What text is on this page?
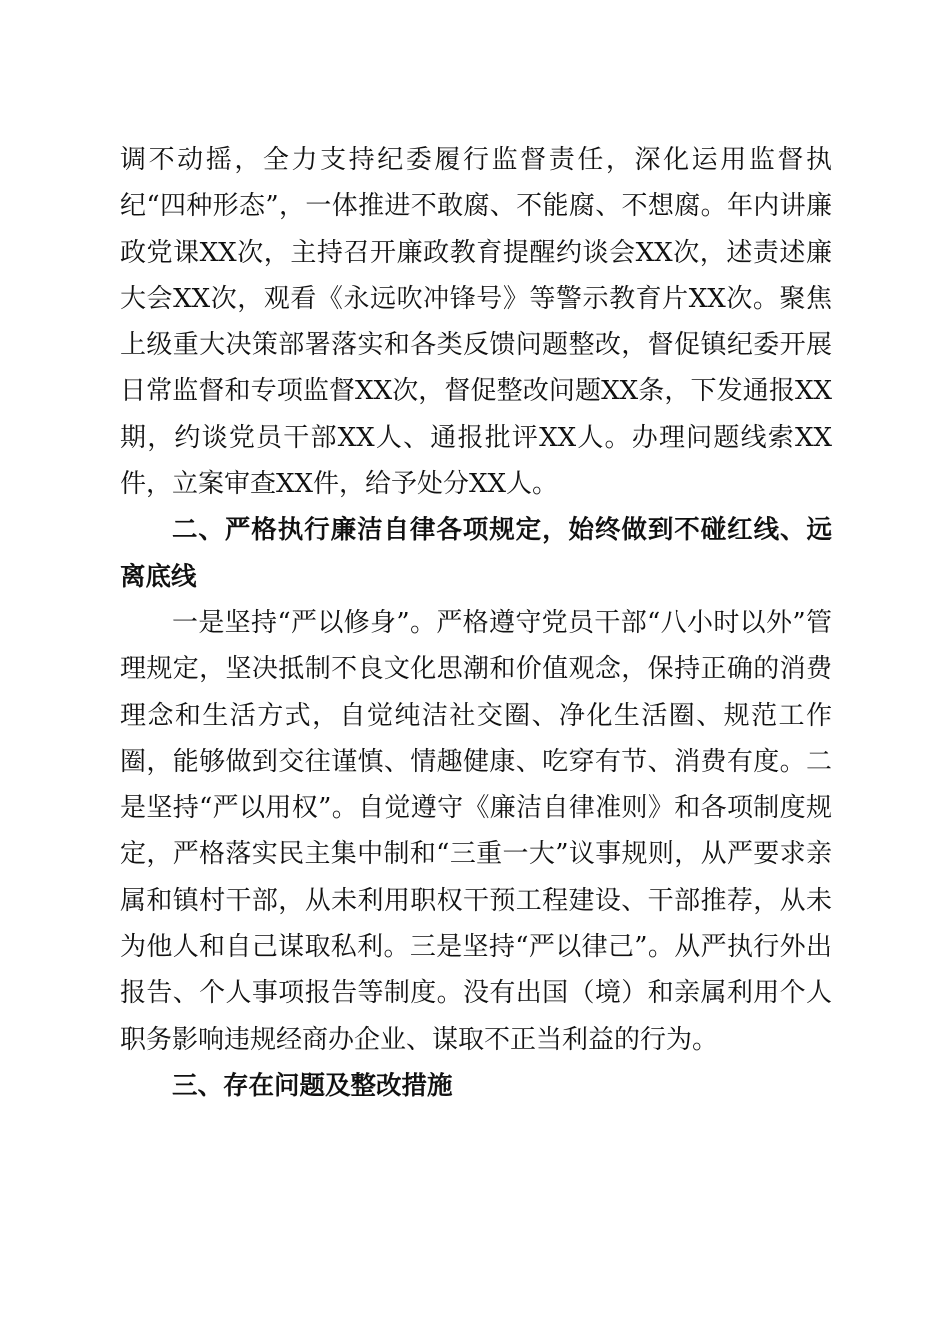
调不动摇，全力支持纪委履行监督责任，深化运用监督执纪“四种形态”，一体推进不敢腐、不能腐、不想腐。年内讲廉政党课XX次，主持召开廉政教育提醒约谈会XX次，述责述廉大会XX次，观看《永远吹冲锋号》等警示教育片XX次。聚焦上级重大决策部署落实和各类反馈问题整改，督促镇纪委开展日常监督和专项监督XX次，督促整改问题XX条，下发通报XX期，约谈党员干部XX人、通报批评XX人。办理问题线索XX件，立案审查XX件，给予处分XX人。

二、严格执行廉洁自律各项规定，始终做到不碰红线、远离底线

一是坚持“严以修身”。严格遵守党员干部“八小时以外”管理规定，坚决抵制不良文化思潮和价值观念，保持正确的消费理念和生活方式，自觉纯洁社交圈、净化生活圈、规范工作圈，能够做到交往谨慎、情趣健康、吃穿有节、消费有度。二是坚持“严以用权”。自觉遵守《廉洁自律准则》和各项制度规定，严格落实民主集中制和“三重一大”议事规则，从严要求亲属和镇村干部，从未利用职权干预工程建设、干部推荐，从未为他人和自己谋取私利。三是坚持“严以律己”。从严执行外出报告、个人事项报告等制度。没有出国（境）和亲属利用个人职务影响违规经商办企业、谋取不正当利益的行为。

三、存在问题及整改措施
